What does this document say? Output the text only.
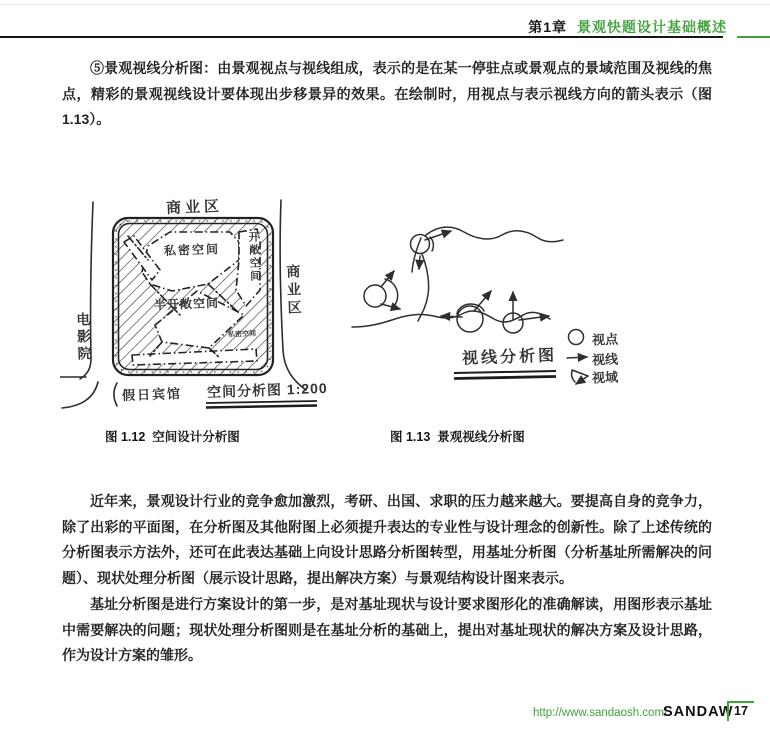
第1章 景观快题设计基础概述

⑤景观视线分析图：由景观视点与视线组成，表示的是在某一停驻点或景观点的景域范围及视线的焦点，精彩的景观视线设计要体现出步移景异的效果。在绘制时，用视点与表示视线方向的箭头表示（图 1.13）。

近年来，景观设计行业的竞争愈加激烈，考研、出国、求职的压力越来越大。要提高自身的竞争力，除了出彩的平面图，在分析图及其他附图上必须提升表达的专业性与设计理念的创新性。除了上述传统的分析图表示方法外，还可在此表达基础上向设计思路分析图转型，用基址分析图（分析基址所需解决的问题）、现状处理分析图（展示设计思路，提出解决方案）与景观结构设计图来表示。

基址分析图是进行方案设计的第一步，是对基址现状与设计要求图形化的准确解读，用图形表示基址中需要解决的问题；现状处理分析图则是在基址分析的基础上，提出对基址现状的解决方案及设计思路，作为设计方案的雏形。

商业区
商业区
电影院
私密空间 开敞空间
半开敞空间
私密空间
假日宾馆 空间分析图 1:200
视线分析图
视点
视线
视域
图 1.12  空间设计分析图	图 1.13  景观视线分析图
http://www.sandaosh.com/
SANDAW 17
